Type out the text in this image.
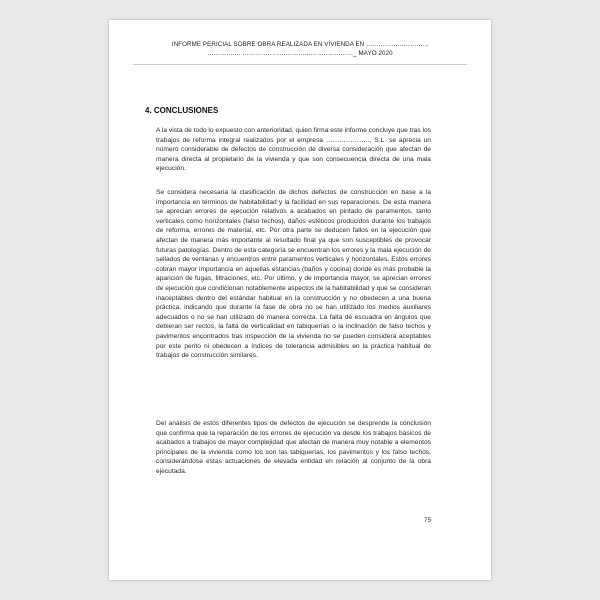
INFORME PERICIAL SOBRE OBRA REALIZADA EN VIVIENDA EN ………………………..,
……………. ………….. ……………..…. ..……………_ MAYO 2020
4. CONCLUSIONES

A la vista de todo lo expuesto con anterioridad, quien firma este informe concluye que tras los trabajos de reforma integral realizados por el empresa ……………….., S.L. se aprecia un número considerable de defectos de construcción de diversa consideración que afectan de manera directa al propietario de la vivienda y que son consecuencia directa de una mala ejecución.

Se considera necesaria la clasificación de dichos defectos de construcción en base a la importancia en términos de habitabilidad y la facilidad en sus reparaciones. De esta manera se aprecian errores de ejecución relativos a acabados en pintado de paramentos, tanto verticales como horizontales (falso techos), daños estéticos producidos durante los trabajos de reforma, errores de material, etc. Por otra parte se deducen fallos en la ejecución que afectan de manera más importante al resultado final ya que son susceptibles de provocar futuras patologías. Dentro de esta categoría se encuentran los errores y la mala ejecución de sellados de ventanas y encuentros entre paramentos verticales y horizontales. Estos errores cobran mayor importancia en aquellas estancias (baños y cocina) donde es más probable la aparición de fugas, filtraciones, etc. Por último, y de importancia mayor, se aprecian errores de ejecución que condicionan notablemente aspectos de la habitabilidad y que se consideran inaceptables dentro del estándar habitual en la construcción y no obedecen a una buena práctica, indicando que durante la fase de obra no se han utilizado los medios auxiliares adecuados o no se han utilizado de manera correcta. La falta de escuadra en ángulos que debieran ser rectos, la falta de verticalidad en tabiquerías o la inclinación de falso techos y pavimentos encontrados tras inspección de la vivienda no se pueden considera aceptables por este perito ni obedecen a índices de tolerancia admisibles en la práctica habitual de trabajos de construcción similares.

Del análisis de estos diferentes tipos de defectos de ejecución se desprende la conclusión que confirma que la reparación de los errores de ejecución va desde los trabajos básicos de acabados a trabajos de mayor complejidad que afectan de manera muy notable a elementos principales de la vivienda como los son las tabiquerías, los pavimentos y los falso techos, considerándose estas actuaciones de elevada entidad en relación al conjunto de la obra ejecutada.

75
